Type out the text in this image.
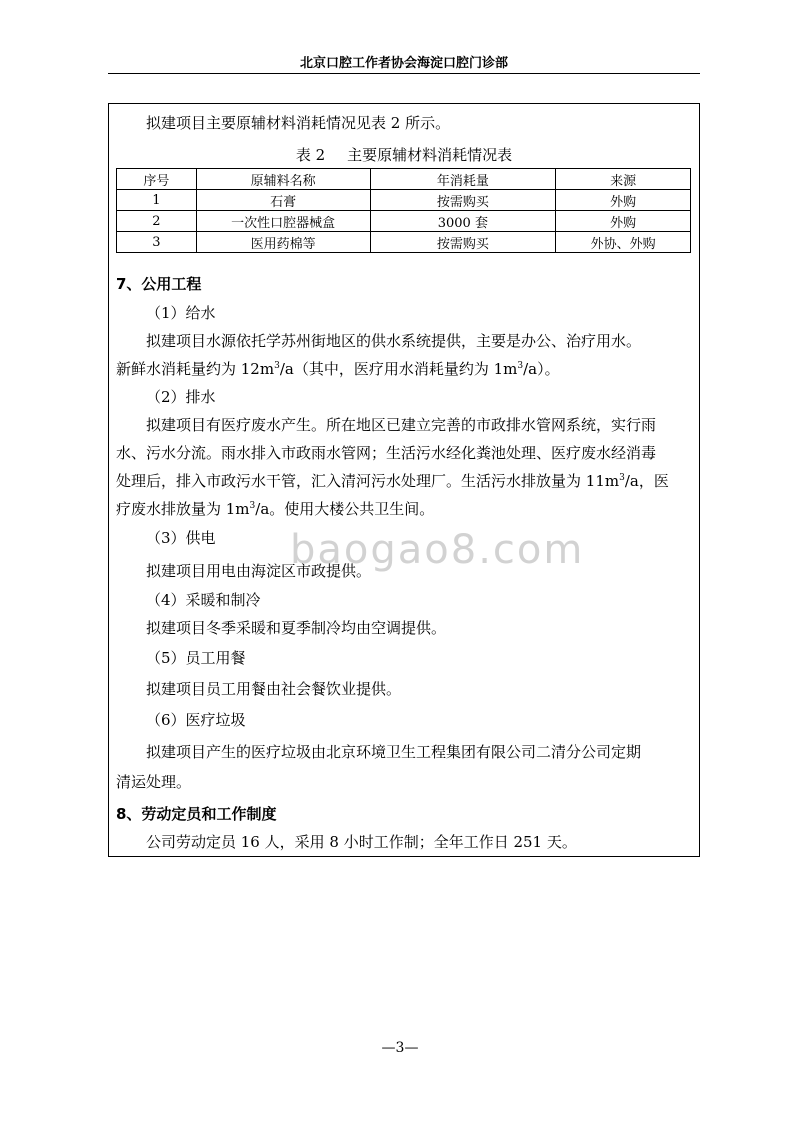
北京口腔工作者协会海淀口腔门诊部
拟建项目主要原辅材料消耗情况见表 2 所示。
表 2 主要原辅材料消耗情况表
序号	原辅料名称	年消耗量	来源
1	石膏	按需购买	外购
2	一次性口腔器械盒	3000 套	外购
3	医用药棉等	按需购买	外协、外购
7、公用工程
（1）给水
拟建项目水源依托学苏州街地区的供水系统提供，主要是办公、治疗用水。
新鲜水消耗量约为 $12m^3/a$（其中，医疗用水消耗量约为 $1m^3/a$）。
（2）排水
拟建项目有医疗废水产生。所在地区已建立完善的市政排水管网系统，实行雨
水、污水分流。雨水排入市政雨水管网；生活污水经化粪池处理、医疗废水经消毒
处理后，排入市政污水干管，汇入清河污水处理厂。生活污水排放量为 $11m^3/a$，医
疗废水排放量为 $1m^3/a$。使用大楼公共卫生间。
baogao8.com
（3）供电
拟建项目用电由海淀区市政提供。
（4）采暖和制冷
拟建项目冬季采暖和夏季制冷均由空调提供。
（5）员工用餐
拟建项目员工用餐由社会餐饮业提供。
（6）医疗垃圾
拟建项目产生的医疗垃圾由北京环境卫生工程集团有限公司二清分公司定期
清运处理。
8、劳动定员和工作制度
公司劳动定员 16 人，采用 8 小时工作制；全年工作日 251 天。
—3—
